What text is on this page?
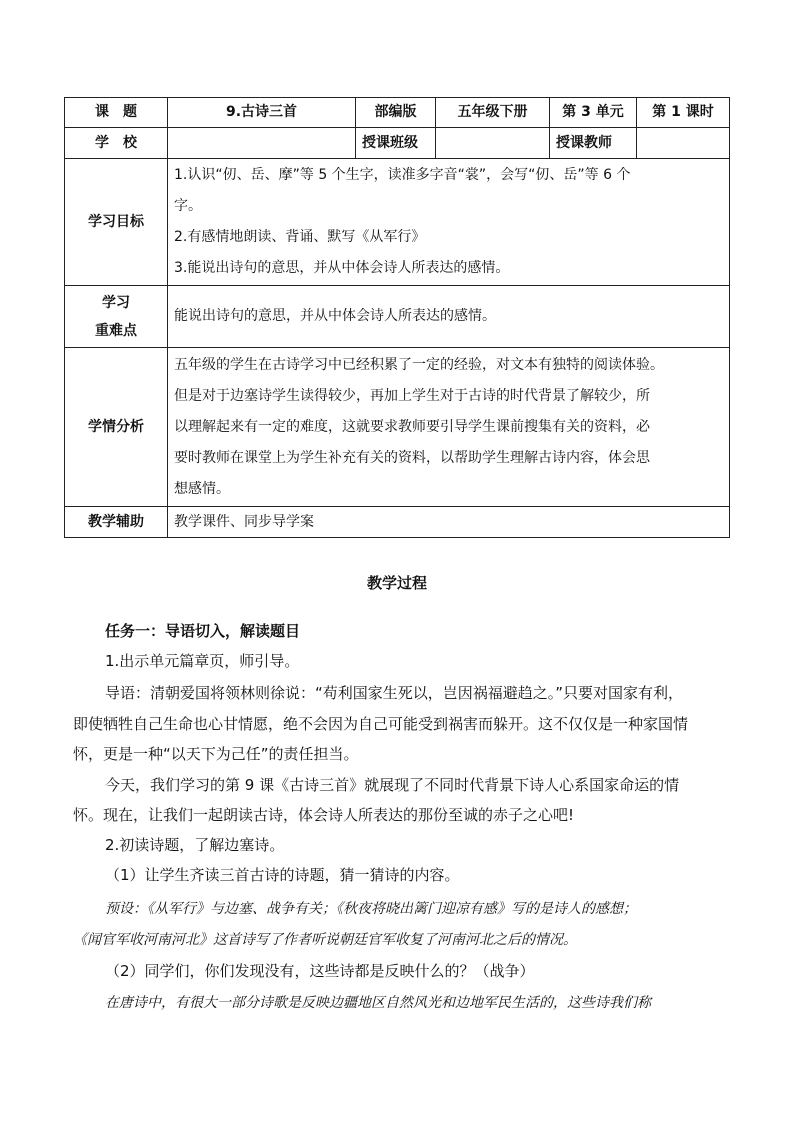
课　题	9.古诗三首	部编版	五年级下册	第 3 单元	第 1 课时
学　校		授课班级		授课教师	
学习目标	1.认识“仞、岳、摩”等 5 个生字，读准多字音“裳”，会写“仞、岳”等 6 个
字。
2.有感情地朗读、背诵、默写《从军行》
3.能说出诗句的意思，并从中体会诗人所表达的感情。				

学习
重难点	能说出诗句的意思，并从中体会诗人所表达的感情。				
学情分析	五年级的学生在古诗学习中已经积累了一定的经验，对文本有独特的阅读体验。
但是对于边塞诗学生读得较少，再加上学生对于古诗的时代背景了解较少，所
以理解起来有一定的难度，这就要求教师要引导学生课前搜集有关的资料，必
要时教师在课堂上为学生补充有关的资料，以帮助学生理解古诗内容，体会思
想感情。				

教学辅助	教学课件、同步导学案				
教学过程
任务一：导语切入，解读题目
1.出示单元篇章页，师引导。
导语：清朝爱国将领林则徐说：“苟利国家生死以，岂因祸福避趋之。”只要对国家有利，
即使牺牲自己生命也心甘情愿，绝不会因为自己可能受到祸害而躲开。这不仅仅是一种家国情
怀，更是一种“以天下为己任”的责任担当。
今天，我们学习的第 9 课《古诗三首》就展现了不同时代背景下诗人心系国家命运的情
怀。现在，让我们一起朗读古诗，体会诗人所表达的那份至诚的赤子之心吧!
2.初读诗题，了解边塞诗。
（1）让学生齐读三首古诗的诗题，猜一猜诗的内容。
预设：《从军行》与边塞、战争有关；《秋夜将晓出篱门迎凉有感》写的是诗人的感想；
《闻官军收河南河北》这首诗写了作者听说朝廷官军收复了河南河北之后的情况。
（2）同学们，你们发现没有，这些诗都是反映什么的？（战争）
在唐诗中，有很大一部分诗歌是反映边疆地区自然风光和边地军民生活的，这些诗我们称
